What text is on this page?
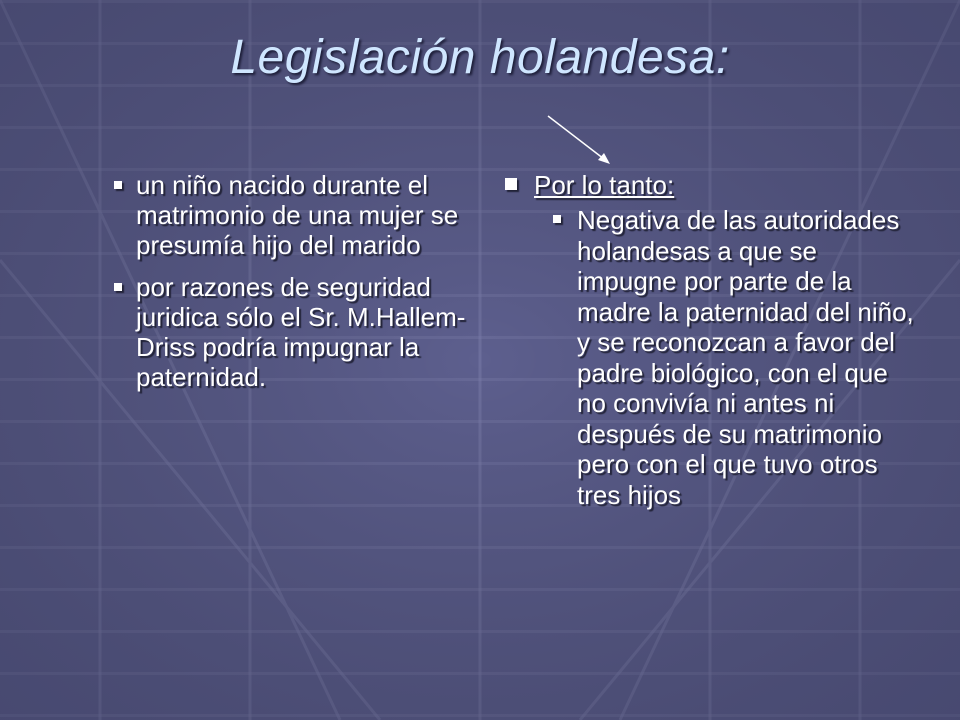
Legislación holandesa:
un niño nacido durante el matrimonio de una mujer se presumía hijo del marido
por razones de seguridad juridica sólo el Sr. M.Hallem-Driss podría impugnar la paternidad.
Por lo tanto:
Negativa de las autoridades holandesas a que se impugne por parte de la madre la paternidad del niño, y se reconozcan a favor del padre biológico, con el que no convivía ni antes ni después de su matrimonio pero con el que tuvo otros tres hijos
